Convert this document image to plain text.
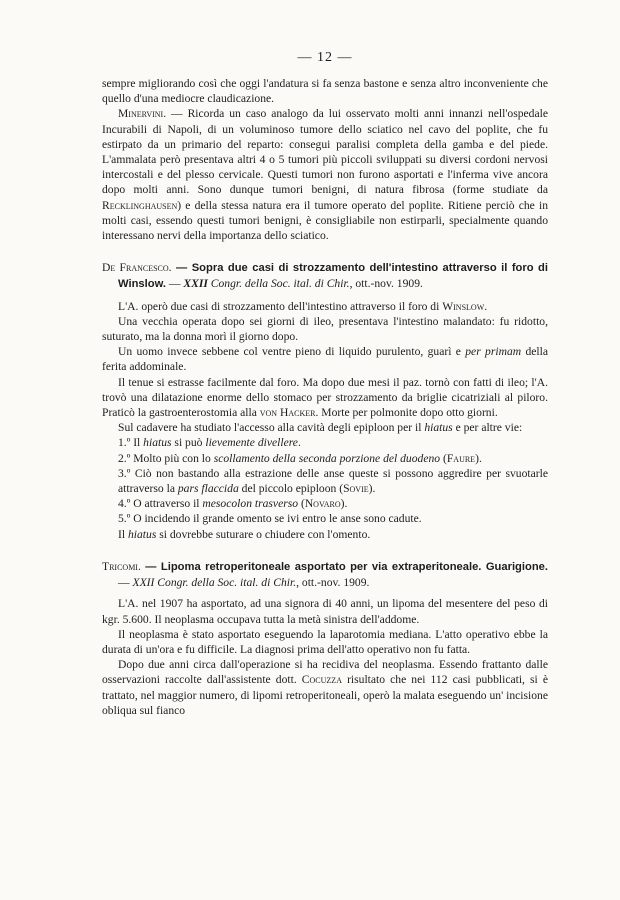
— 12 —

sempre migliorando così che oggi l'andatura si fa senza bastone e senza altro inconveniente che quello d'una mediocre claudicazione.

Minervini. — Ricorda un caso analogo da lui osservato molti anni innanzi nell'ospedale Incurabili di Napoli, di un voluminoso tumore dello sciatico nel cavo del poplite, che fu estirpato da un primario del reparto: consegui paralisi completa della gamba e del piede. L'ammalata però presentava altri 4 o 5 tumori più piccoli sviluppati su diversi cordoni nervosi intercostali e del plesso cervicale. Questi tumori non furono asportati e l'inferma vive ancora dopo molti anni. Sono dunque tumori benigni, di natura fibrosa (forme studiate da Recklinghausen) e della stessa natura era il tumore operato del poplite. Ritiene perciò che in molti casi, essendo questi tumori benigni, è consigliabile non estirparli, specialmente quando interessano nervi della importanza dello sciatico.

De Francesco. — Sopra due casi di strozzamento dell'intestino attraverso il foro di Winslow. — XXII Congr. della Soc. ital. di Chir., ott.-nov. 1909.

L'A. operò due casi di strozzamento dell'intestino attraverso il foro di Winslow.

Una vecchia operata dopo sei giorni di ileo, presentava l'intestino malandato: fu ridotto, suturato, ma la donna morì il giorno dopo.

Un uomo invece sebbene col ventre pieno di liquido purulento, guarì e per primam della ferita addominale.

Il tenue si estrasse facilmente dal foro. Ma dopo due mesi il paz. tornò con fatti di ileo; l'A. trovò una dilatazione enorme dello stomaco per strozzamento da briglie cicatriziali al piloro. Praticò la gastroenterostomia alla von Hacker. Morte per polmonite dopo otto giorni.

Sul cadavere ha studiato l'accesso alla cavità degli epiploon per il hiatus e per altre vie:

1.º Il hiatus si può lievemente divellere.

2.º Molto più con lo scollamento della seconda porzione del duodeno (Faure).

3.º Ciò non bastando alla estrazione delle anse queste si possono aggredire per svuotarle attraverso la pars flaccida del piccolo epiploon (Sovie).

4.º O attraverso il mesocolon trasverso (Novaro).

5.º O incidendo il grande omento se ivi entro le anse sono cadute.

Il hiatus si dovrebbe suturare o chiudere con l'omento.

Tricomi. — Lipoma retroperitoneale asportato per via extraperitoneale. Guarigione. — XXII Congr. della Soc. ital. di Chir., ott.-nov. 1909.

L'A. nel 1907 ha asportato, ad una signora di 40 anni, un lipoma del mesentere del peso di kgr. 5.600. Il neoplasma occupava tutta la metà sinistra dell'addome.

Il neoplasma è stato asportato eseguendo la laparotomia mediana. L'atto operativo ebbe la durata di un'ora e fu difficile. La diagnosi prima dell'atto operativo non fu fatta.

Dopo due anni circa dall'operazione si ha recidiva del neoplasma. Essendo frattanto dalle osservazioni raccolte dall'assistente dott. Cocuzza risultato che nei 112 casi pubblicati, si è trattato, nel maggior numero, di lipomi retroperitoneali, operò la malata eseguendo un' incisione obliqua sul fianco
